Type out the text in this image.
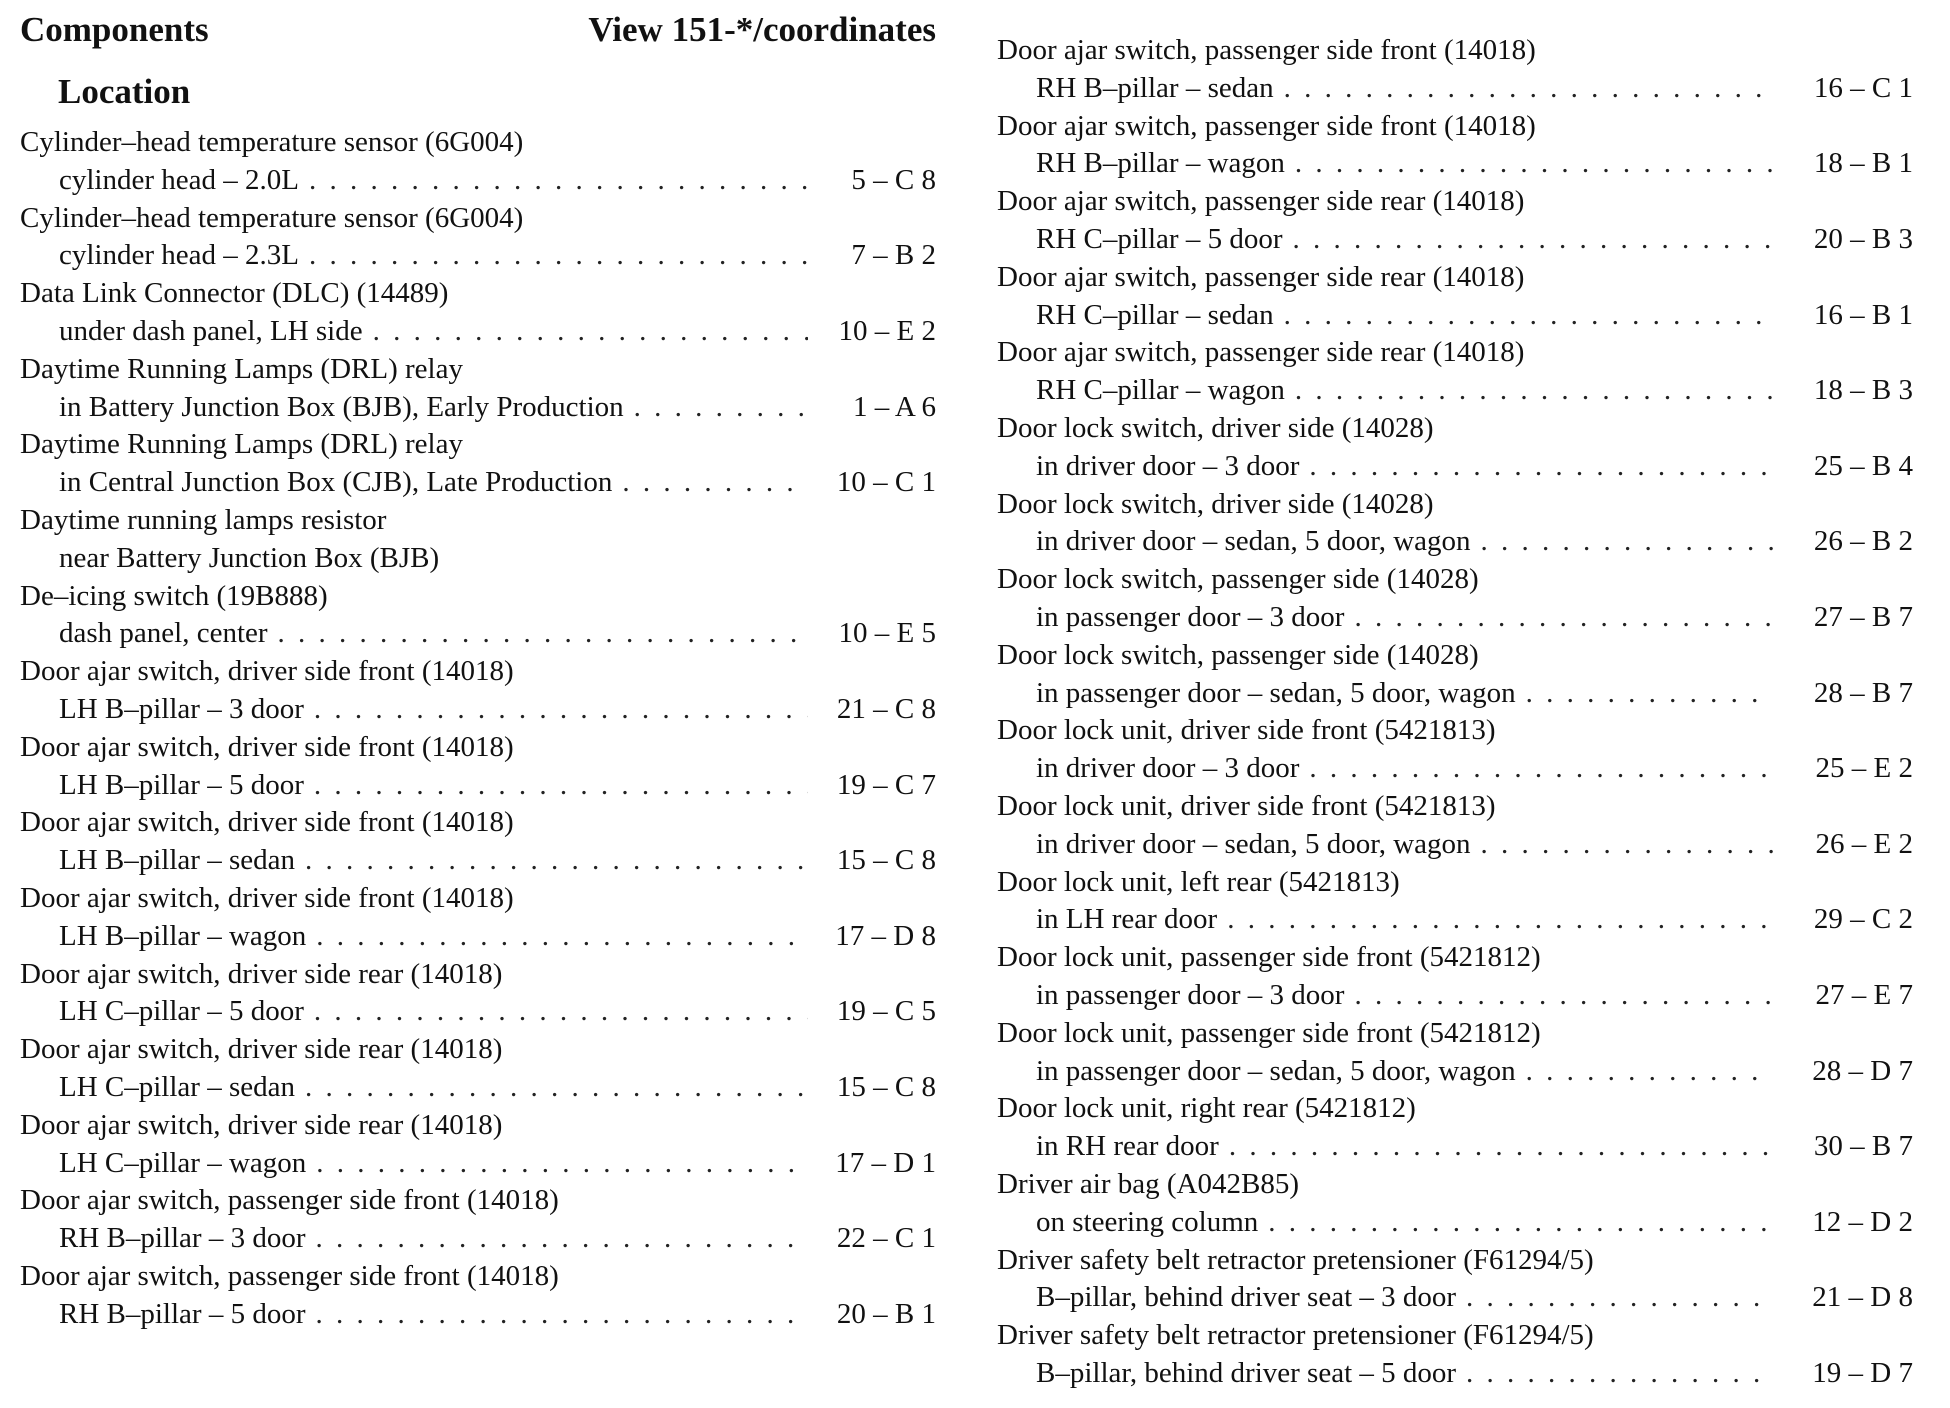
Components	View 151-*/coordinates
Location
Cylinder–head temperature sensor (6G004)
cylinder head – 2.0L . . .	5 – C 8
Cylinder–head temperature sensor (6G004)
cylinder head – 2.3L . . .	7 – B 2
Data Link Connector (DLC) (14489)
under dash panel, LH side . . .	10 – E 2
Daytime Running Lamps (DRL) relay
in Battery Junction Box (BJB), Early Production . . .	1 – A 6
Daytime Running Lamps (DRL) relay
in Central Junction Box (CJB), Late Production . . .	10 – C 1
Daytime running lamps resistor
near Battery Junction Box (BJB)
De–icing switch (19B888)
dash panel, center . . .	10 – E 5
Door ajar switch, driver side front (14018)
LH B–pillar – 3 door . . .	21 – C 8
Door ajar switch, driver side front (14018)
LH B–pillar – 5 door . . .	19 – C 7
Door ajar switch, driver side front (14018)
LH B–pillar – sedan . . .	15 – C 8
Door ajar switch, driver side front (14018)
LH B–pillar – wagon . . .	17 – D 8
Door ajar switch, driver side rear (14018)
LH C–pillar – 5 door . . .	19 – C 5
Door ajar switch, driver side rear (14018)
LH C–pillar – sedan . . .	15 – C 8
Door ajar switch, driver side rear (14018)
LH C–pillar – wagon . . .	17 – D 1
Door ajar switch, passenger side front (14018)
RH B–pillar – 3 door . . .	22 – C 1
Door ajar switch, passenger side front (14018)
RH B–pillar – 5 door . . .	20 – B 1
Door ajar switch, passenger side front (14018)
RH B–pillar – sedan . . .	16 – C 1
Door ajar switch, passenger side front (14018)
RH B–pillar – wagon . . .	18 – B 1
Door ajar switch, passenger side rear (14018)
RH C–pillar – 5 door . . .	20 – B 3
Door ajar switch, passenger side rear (14018)
RH C–pillar – sedan . . .	16 – B 1
Door ajar switch, passenger side rear (14018)
RH C–pillar – wagon . . .	18 – B 3
Door lock switch, driver side (14028)
in driver door – 3 door . . .	25 – B 4
Door lock switch, driver side (14028)
in driver door – sedan, 5 door, wagon . . .	26 – B 2
Door lock switch, passenger side (14028)
in passenger door – 3 door . . .	27 – B 7
Door lock switch, passenger side (14028)
in passenger door – sedan, 5 door, wagon . . .	28 – B 7
Door lock unit, driver side front (5421813)
in driver door – 3 door . . .	25 – E 2
Door lock unit, driver side front (5421813)
in driver door – sedan, 5 door, wagon . . .	26 – E 2
Door lock unit, left rear (5421813)
in LH rear door . . .	29 – C 2
Door lock unit, passenger side front (5421812)
in passenger door – 3 door . . .	27 – E 7
Door lock unit, passenger side front (5421812)
in passenger door – sedan, 5 door, wagon . . .	28 – D 7
Door lock unit, right rear (5421812)
in RH rear door . . .	30 – B 7
Driver air bag (A042B85)
on steering column . . .	12 – D 2
Driver safety belt retractor pretensioner (F61294/5)
B–pillar, behind driver seat – 3 door . . .	21 – D 8
Driver safety belt retractor pretensioner (F61294/5)
B–pillar, behind driver seat – 5 door . . .	19 – D 7
